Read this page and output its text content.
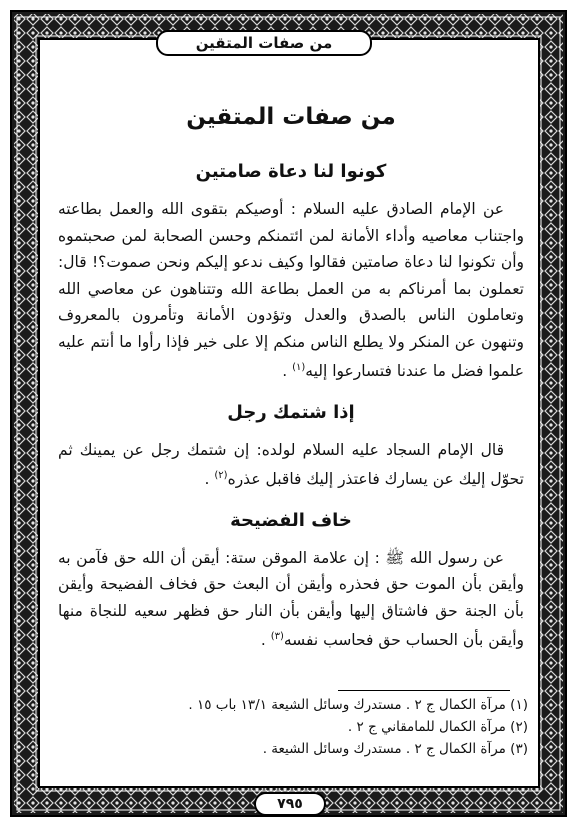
من صفات المتقين
من صفات المتقين
كونوا لنا دعاة صامتين

عن الإمام الصادق عليه السلام : أوصيكم بتقوى الله والعمل بطاعته واجتناب معاصيه وأداء الأمانة لمن ائتمنكم وحسن الصحابة لمن صحبتموه وأن تكونوا لنا دعاة صامتين فقالوا وكيف ندعو إليكم ونحن صموت؟! قال: تعملون بما أمرناكم به من العمل بطاعة الله وتتناهون عن معاصي الله وتعاملون الناس بالصدق والعدل وتؤدون الأمانة وتأمرون بالمعروف وتنهون عن المنكر ولا يطلع الناس منكم إلا على خير فإذا رأوا ما أنتم عليه علموا فضل ما عندنا فتسارعوا إليه$^{(١)}$ .

إذا شتمك رجل

قال الإمام السجاد عليه السلام لولده: إن شتمك رجل عن يمينك ثم تحوّل إليك عن يسارك فاعتذر إليك فاقبل عذره$^{(٢)}$ .

خاف الفضيحة

عن رسول الله ﷺ : إن علامة الموقن ستة: أيقن أن الله حق فآمن به وأيقن بأن الموت حق فحذره وأيقن أن البعث حق فخاف الفضيحة وأيقن بأن الجنة حق فاشتاق إليها وأيقن بأن النار حق فظهر سعيه للنجاة منها وأيقن بأن الحساب حق فحاسب نفسه$^{(٣)}$ .

(١) مرآة الكمال ج ٢ . مستدرك وسائل الشيعة ١٣/١ باب ١٥ .

(٢) مرآة الكمال للمامقاني ج ٢ .

(٣) مرآة الكمال ج ٢ . مستدرك وسائل الشيعة .

٧٩٥
